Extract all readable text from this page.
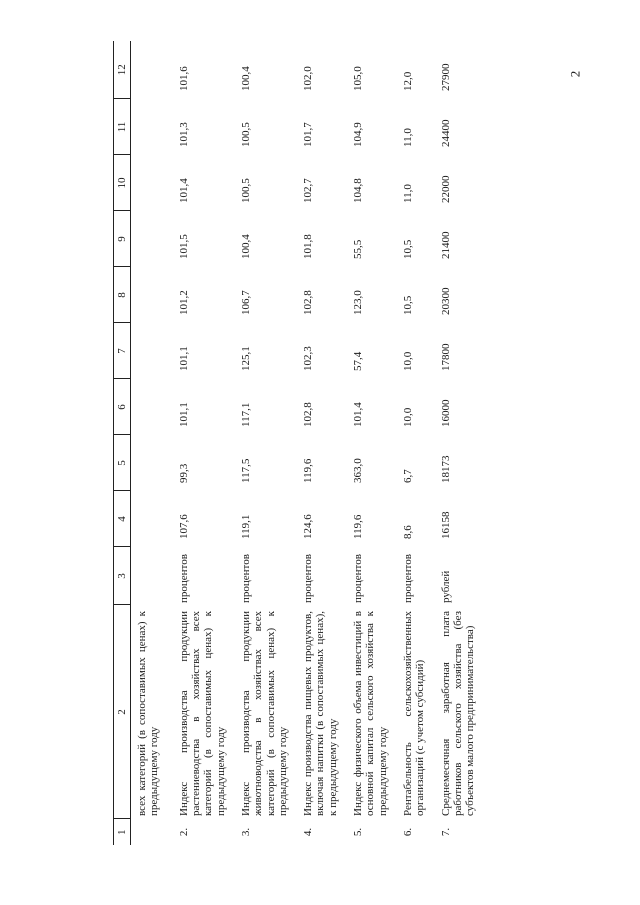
2
1	2	3	4	5	6	7	8	9	10	11	12
	всех категорий (в сопоставимых ценах) к предыдущему году										
2.	Индекс производства продукции растениеводства в хозяйствах всех категорий (в сопоставимых ценах) к предыдущему году	процентов	107,6	99,3	101,1	101,1	101,2	101,5	101,4	101,3	101,6
3.	Индекс производства продукции животноводства в хозяйствах всех категорий (в сопоставимых ценах) к предыдущему году	процентов	119,1	117,5	117,1	125,1	106,7	100,4	100,5	100,5	100,4
4.	Индекс производства пищевых продуктов, включая напитки (в сопоставимых ценах), к предыдущему году	процентов	124,6	119,6	102,8	102,3	102,8	101,8	102,7	101,7	102,0
5.	Индекс физического объема инвестиций в основной капитал сельского хозяйства к предыдущему году	процентов	119,6	363,0	101,4	57,4	123,0	55,5	104,8	104,9	105,0
6.	Рентабельность сельскохозяйственных организаций (с учетом субсидий)	процентов	8,6	6,7	10,0	10,0	10,5	10,5	11,0	11,0	12,0
7.	Среднемесячная заработная плата работников сельского хозяйства (без субъектов малого предпринимательства)	рублей	16158	18173	16000	17800	20300	21400	22000	24400	27900
